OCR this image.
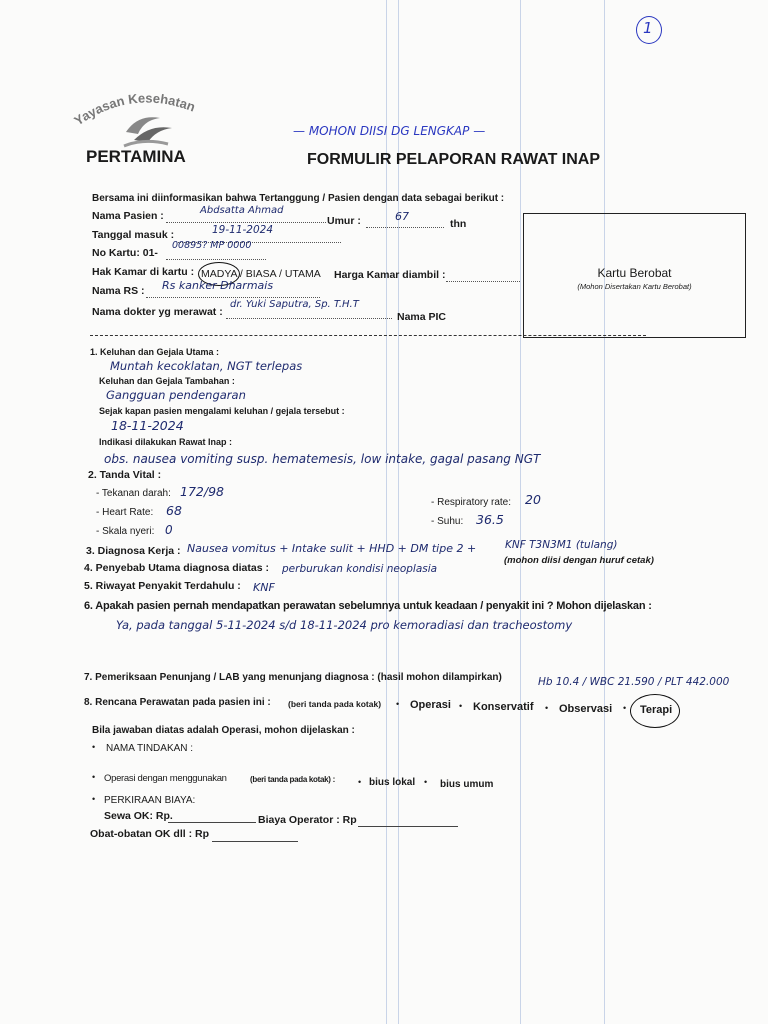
1
— MOHON DIISI DG LENGKAP —
Yayasan Kesehatan
PERTAMINA	FORMULIR PELAPORAN RAWAT INAP
Bersama ini diinformasikan bahwa Tertanggung / Pasien dengan data sebagai berikut :
Nama Pasien :	Abdsatta Ahmad
Umur :	67
thn
Tanggal masuk :	19-11-2024
No Kartu: 01-
00895? MP 0000
Hak Kamar di kartu : MADYA / BIASA / UTAMA Harga Kamar diambil :
Nama RS : Rs kanker Dharmais
Nama dokter yg merawat :
dr. Yuki Saputra, Sp. T.H.T
Nama PIC
Kartu Berobat
(Mohon Disertakan Kartu Berobat)
1. Keluhan dan Gejala Utama :
Muntah kecoklatan, NGT terlepas
Keluhan dan Gejala Tambahan :
Gangguan pendengaran
Sejak kapan pasien mengalami keluhan / gejala tersebut :
18-11-2024
Indikasi dilakukan Rawat Inap :
obs. nausea vomiting susp. hematemesis, low intake, gagal pasang NGT
2. Tanda Vital :
- Tekanan darah: 172/98
- Heart Rate: 68
- Skala nyeri: 0
- Respiratory rate: 20
- Suhu: 36.5
3. Diagnosa Kerja : Nausea vomitus + Intake sulit + HHD + DM tipe 2 +	KNF T3N3M1 (tulang)
(mohon diisi dengan huruf cetak)
4. Penyebab Utama diagnosa diatas : perburukan kondisi neoplasia
5. Riwayat Penyakit Terdahulu : KNF
6. Apakah pasien pernah mendapatkan perawatan sebelumnya untuk keadaan / penyakit ini ? Mohon dijelaskan :
Ya, pada tanggal 5-11-2024 s/d 18-11-2024 pro kemoradiasi dan tracheostomy
7. Pemeriksaan Penunjang / LAB yang menunjang diagnosa : (hasil mohon dilampirkan)	Hb 10.4 / WBC 21.590 / PLT 442.000
8. Rencana Perawatan pada pasien ini : (beri tanda pada kotak) • Operasi • Konservatif • Observasi • Terapi
Bila jawaban diatas adalah Operasi, mohon dijelaskan :
• NAMA TINDAKAN :
• Operasi dengan menggunakan	(beri tanda pada kotak) :	• bius lokal • bius umum
• PERKIRAAN BIAYA:
Sewa OK: Rp.	Biaya Operator : Rp
Obat-obatan OK dll : Rp
